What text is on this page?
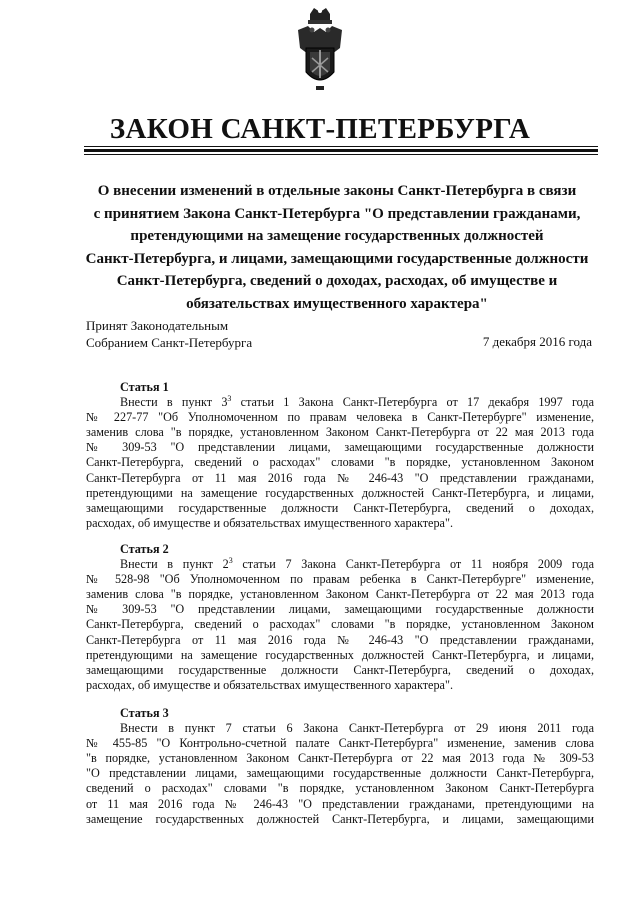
ЗАКОН САНКТ-ПЕТЕРБУРГА
О внесении изменений в отдельные законы Санкт-Петербурга в связи
с принятием Закона Санкт-Петербурга "О представлении гражданами,
претендующими на замещение государственных должностей
Санкт-Петербурга, и лицами, замещающими государственные должности
Санкт-Петербурга, сведений о доходах, расходах, об имуществе и
обязательствах имущественного характера"
Принят Законодательным
Собранием Санкт-Петербурга	7 декабря 2016 года
Статья 1
Внести в пункт $3^3$ статьи 1 Закона Санкт-Петербурга от 17 декабря 1997 года
№ 227-77 "Об Уполномоченном по правам человека в Санкт-Петербурге" изменение,
заменив слова "в порядке, установленном Законом Санкт-Петербурга от 22 мая 2013 года
№ 309-53 "О представлении лицами, замещающими государственные должности
Санкт-Петербурга, сведений о расходах" словами "в порядке, установленном Законом
Санкт-Петербурга от 11 мая 2016 года № 246-43 "О представлении гражданами,
претендующими на замещение государственных должностей Санкт-Петербурга, и лицами,
замещающими государственные должности Санкт-Петербурга, сведений о доходах,
расходах, об имуществе и обязательствах имущественного характера".
Статья 2
Внести в пункт $2^3$ статьи 7 Закона Санкт-Петербурга от 11 ноября 2009 года
№ 528-98 "Об Уполномоченном по правам ребенка в Санкт-Петербурге" изменение,
заменив слова "в порядке, установленном Законом Санкт-Петербурга от 22 мая 2013 года
№ 309-53 "О представлении лицами, замещающими государственные должности
Санкт-Петербурга, сведений о расходах" словами "в порядке, установленном Законом
Санкт-Петербурга от 11 мая 2016 года № 246-43 "О представлении гражданами,
претендующими на замещение государственных должностей Санкт-Петербурга, и лицами,
замещающими государственные должности Санкт-Петербурга, сведений о доходах,
расходах, об имуществе и обязательствах имущественного характера".
Статья 3
Внести в пункт 7 статьи 6 Закона Санкт-Петербурга от 29 июня 2011 года
№ 455-85 "О Контрольно-счетной палате Санкт-Петербурга" изменение, заменив слова
"в порядке, установленном Законом Санкт-Петербурга от 22 мая 2013 года № 309-53
"О представлении лицами, замещающими государственные должности Санкт-Петербурга,
сведений о расходах" словами "в порядке, установленном Законом Санкт-Петербурга
от 11 мая 2016 года № 246-43 "О представлении гражданами, претендующими на
замещение государственных должностей Санкт-Петербурга, и лицами, замещающими
